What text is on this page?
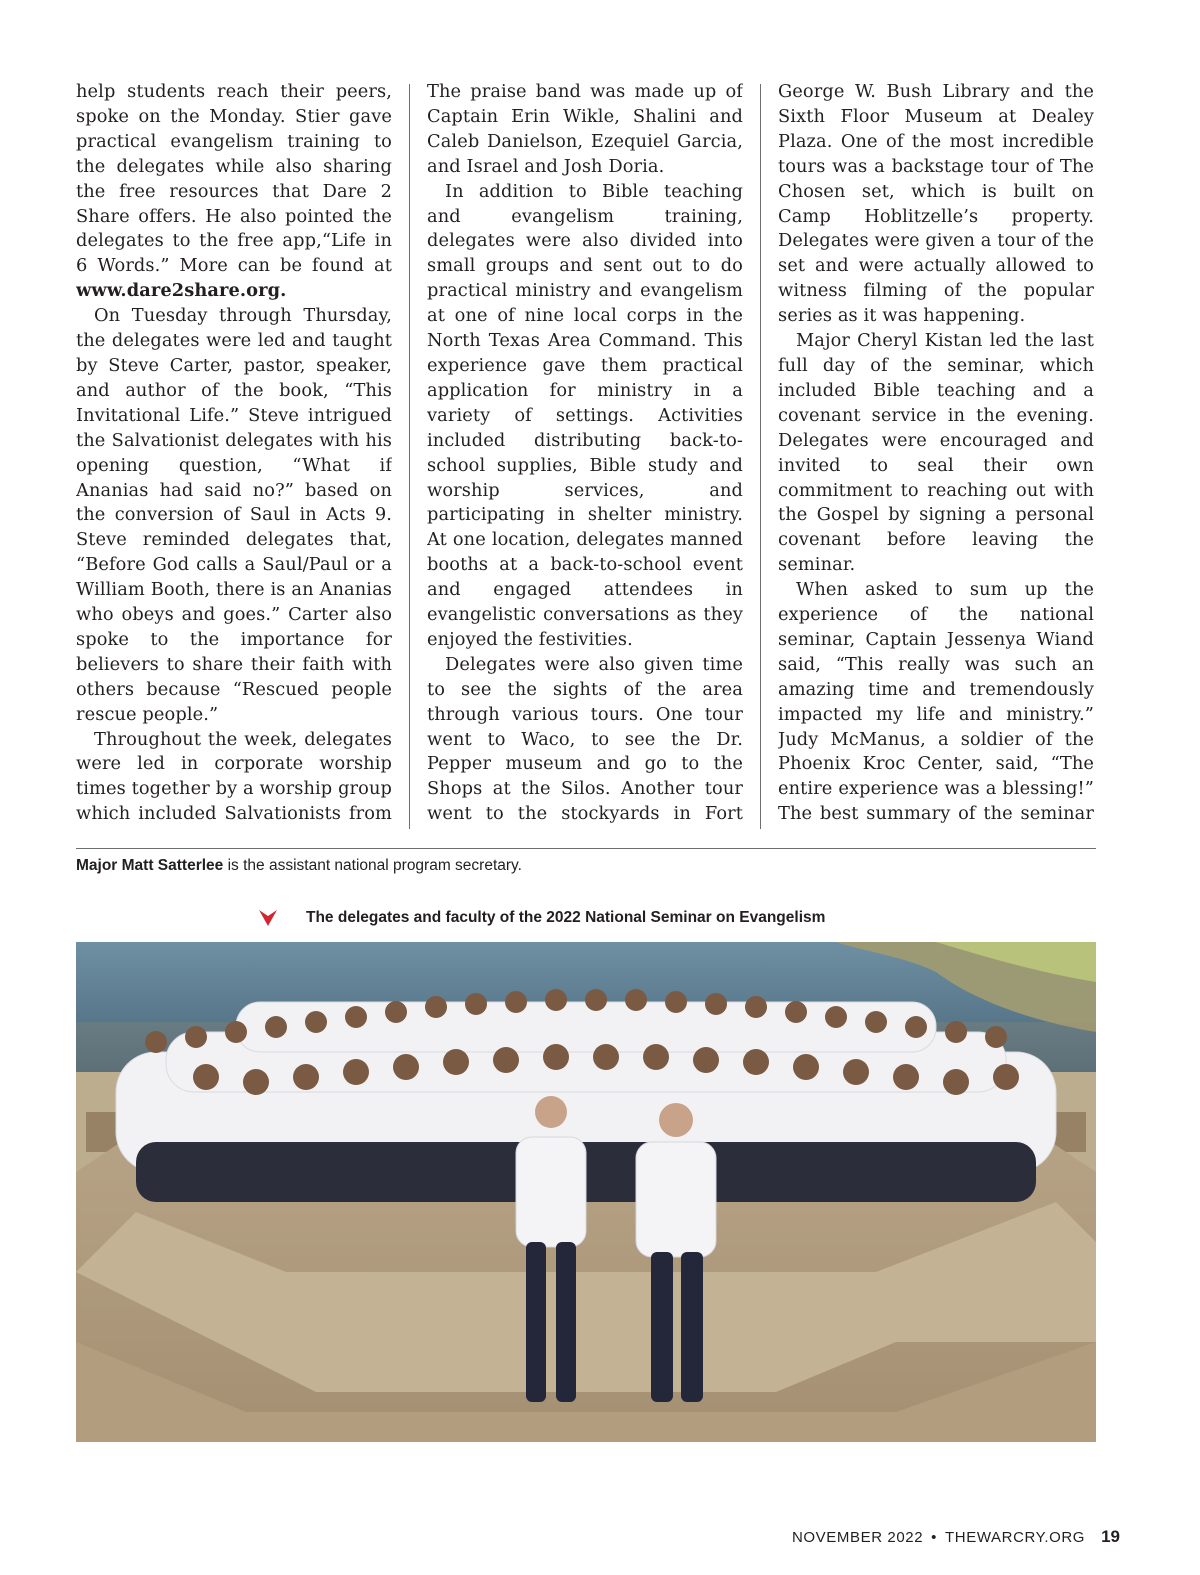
help students reach their peers, spoke on the Monday. Stier gave practical evangelism training to the delegates while also sharing the free resources that Dare 2 Share offers. He also pointed the delegates to the free app,“Life in 6 Words.” More can be found at www.dare2share.org.

On Tuesday through Thursday, the delegates were led and taught by Steve Carter, pastor, speaker, and author of the book, “This Invitational Life.” Steve intrigued the Salvationist delegates with his opening question, “What if Ananias had said no?” based on the conversion of Saul in Acts 9. Steve reminded delegates that, “Before God calls a Saul/Paul or a William Booth, there is an Ananias who obeys and goes.” Carter also spoke to the importance for believers to share their faith with others because “Rescued people rescue people.”

Throughout the week, delegates were led in corporate worship times together by a worship group which included Salvationists from

The praise band was made up of Captain Erin Wikle, Shalini and Caleb Danielson, Ezequiel Garcia, and Israel and Josh Doria.

In addition to Bible teaching and evangelism training, delegates were also divided into small groups and sent out to do practical ministry and evangelism at one of nine local corps in the North Texas Area Command. This experience gave them practical application for ministry in a variety of settings. Activities included distributing back-to-school supplies, Bible study and worship services, and participating in shelter ministry. At one location, delegates manned booths at a back-to-school event and engaged attendees in evangelistic conversations as they enjoyed the festivities.

Delegates were also given time to see the sights of the area through various tours. One tour went to Waco, to see the Dr. Pepper museum and go to the Shops at the Silos. Another tour went to the stockyards in Fort

George W. Bush Library and the Sixth Floor Museum at Dealey Plaza. One of the most incredible tours was a backstage tour of The Chosen set, which is built on Camp Hoblitzelle’s property. Delegates were given a tour of the set and were actually allowed to witness filming of the popular series as it was happening.

Major Cheryl Kistan led the last full day of the seminar, which included Bible teaching and a covenant service in the evening. Delegates were encouraged and invited to seal their own commitment to reaching out with the Gospel by signing a personal covenant before leaving the seminar.

When asked to sum up the experience of the national seminar, Captain Jessenya Wiand said, “This really was such an amazing time and tremendously impacted my life and ministry.” Judy McManus, a soldier of the Phoenix Kroc Center, said, “The entire experience was a blessing!” The best summary of the seminar

Major Matt Satterlee is the assistant national program secretary.
The delegates and faculty of the 2022 National Seminar on Evangelism
NOVEMBER 2022 • THEWARCRY.ORG 19
